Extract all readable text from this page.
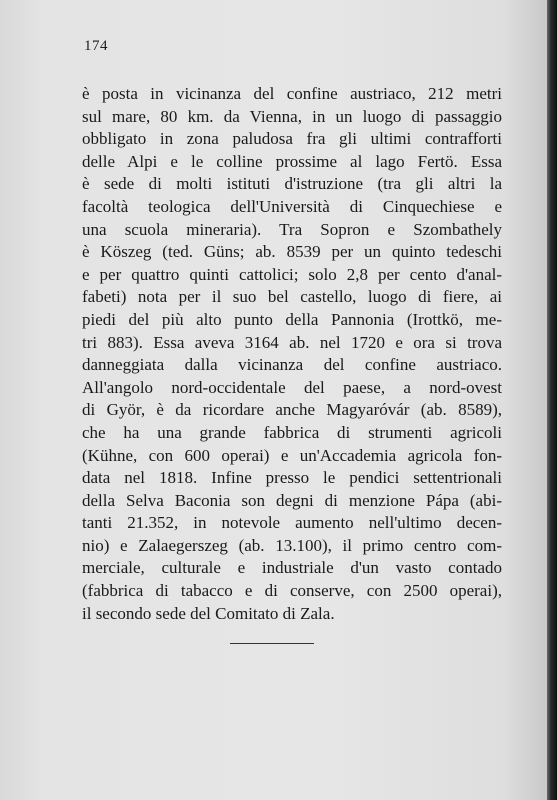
174
è posta in vicinanza del confine austriaco, 212 metri
sul mare, 80 km. da Vienna, in un luogo di passaggio
obbligato in zona paludosa fra gli ultimi contrafforti
delle Alpi e le colline prossime al lago Fertö. Essa
è sede di molti istituti d'istruzione (tra gli altri la
facoltà teologica dell'Università di Cinquechiese e
una scuola mineraria). Tra Sopron e Szombathely
è Köszeg (ted. Güns; ab. 8539 per un quinto tedeschi
e per quattro quinti cattolici; solo 2,8 per cento d'anal-
fabeti) nota per il suo bel castello, luogo di fiere, ai
piedi del più alto punto della Pannonia (Irottkö, me-
tri 883). Essa aveva 3164 ab. nel 1720 e ora si trova
danneggiata dalla vicinanza del confine austriaco.
All'angolo nord-occidentale del paese, a nord-ovest
di Györ, è da ricordare anche Magyaróvár (ab. 8589),
che ha una grande fabbrica di strumenti agricoli
(Kühne, con 600 operai) e un'Accademia agricola fon-
data nel 1818. Infine presso le pendici settentrionali
della Selva Baconia son degni di menzione Pápa (abi-
tanti 21.352, in notevole aumento nell'ultimo decen-
nio) e Zalaegerszeg (ab. 13.100), il primo centro com-
merciale, culturale e industriale d'un vasto contado
(fabbrica di tabacco e di conserve, con 2500 operai),
il secondo sede del Comitato di Zala.
